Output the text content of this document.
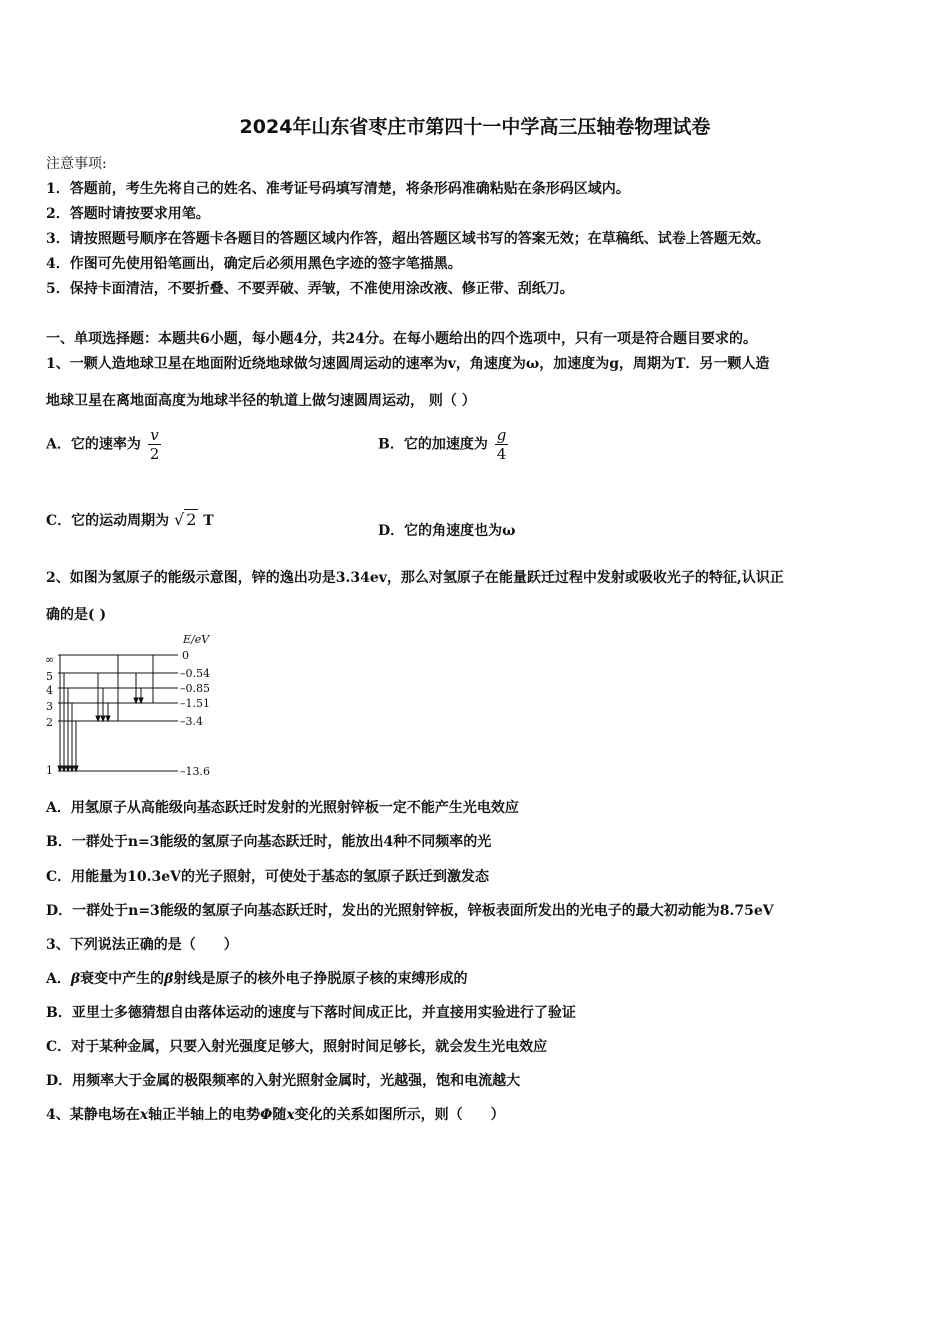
2024年山东省枣庄市第四十一中学高三压轴卷物理试卷
注意事项:
1．答题前，考生先将自己的姓名、准考证号码填写清楚，将条形码准确粘贴在条形码区域内。
2．答题时请按要求用笔。
3．请按照题号顺序在答题卡各题目的答题区域内作答，超出答题区域书写的答案无效；在草稿纸、试卷上答题无效。
4．作图可先使用铅笔画出，确定后必须用黑色字迹的签字笔描黑。
5．保持卡面清洁，不要折叠、不要弄破、弄皱，不准使用涂改液、修正带、刮纸刀。
一、单项选择题：本题共6小题，每小题4分，共24分。在每小题给出的四个选项中，只有一项是符合题目要求的。
1、一颗人造地球卫星在地面附近绕地球做匀速圆周运动的速率为v，角速度为ω，加速度为g，周期为T．另一颗人造
地球卫星在离地面高度为地球半径的轨道上做匀速圆周运动， 则（ ）
A．它的速率为 $\frac{v}{2}$	B．它的加速度为 $\frac{g}{4}$
C．它的运动周期为 √ 2 T
D．它的角速度也为ω
2、如图为氢原子的能级示意图，锌的逸出功是3.34ev，那么对氢原子在能量跃迁过程中发射或吸收光子的特征,认识正
确的是( )
E/eV
∞
5
4
3
2
1
0
–0.54
–0.85
–1.51
–3.4
–13.6
A．用氢原子从高能级向基态跃迁时发射的光照射锌板一定不能产生光电效应
B．一群处于n=3能级的氢原子向基态跃迁时，能放出4种不同频率的光
C．用能量为10.3eV的光子照射，可使处于基态的氢原子跃迁到激发态
D．一群处于n=3能级的氢原子向基态跃迁时，发出的光照射锌板，锌板表面所发出的光电子的最大初动能为8.75eV
3、下列说法正确的是（　　）
A．β衰变中产生的β射线是原子的核外电子挣脱原子核的束缚形成的
B．亚里士多德猜想自由落体运动的速度与下落时间成正比，并直接用实验进行了验证
C．对于某种金属，只要入射光强度足够大，照射时间足够长，就会发生光电效应
D．用频率大于金属的极限频率的入射光照射金属时，光越强，饱和电流越大
4、某静电场在x轴正半轴上的电势Φ随x变化的关系如图所示，则（　　）
